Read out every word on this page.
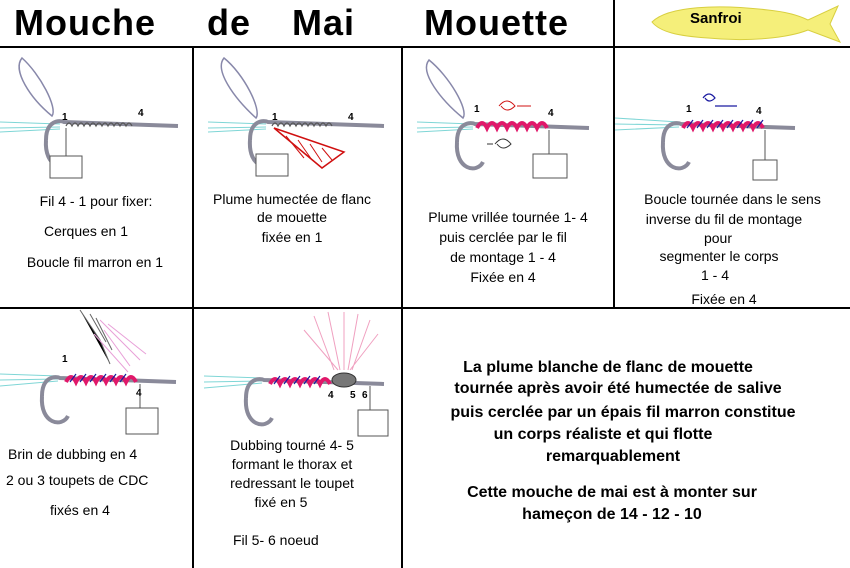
Mouche de Mai Mouette	Sanfroi
1	4
Fil 4 - 1 pour fixer:
Cerques en 1
Boucle fil marron en 1
1	4
Plume humectée de flanc
de mouette
fixée en 1
1	4
Plume vrillée tournée 1- 4
puis cerclée par le fil
de montage 1 - 4
Fixée en 4
1	4
Boucle tournée dans le sens
inverse du fil de montage
pour
segmenter le corps
1 - 4
Fixée en 4
1
4
Brin de dubbing en 4
2 ou 3 toupets de CDC
fixés en 4
4 5 6
Dubbing tourné 4- 5
formant le thorax et
redressant le toupet
fixé en 5
Fil 5- 6 noeud
La plume blanche de flanc de mouette
tournée après avoir été humectée de salive
puis cerclée par un épais fil marron constitue
un corps réaliste et qui flotte
remarquablement
Cette mouche de mai est à monter sur
hameçon de 14 - 12 - 10
